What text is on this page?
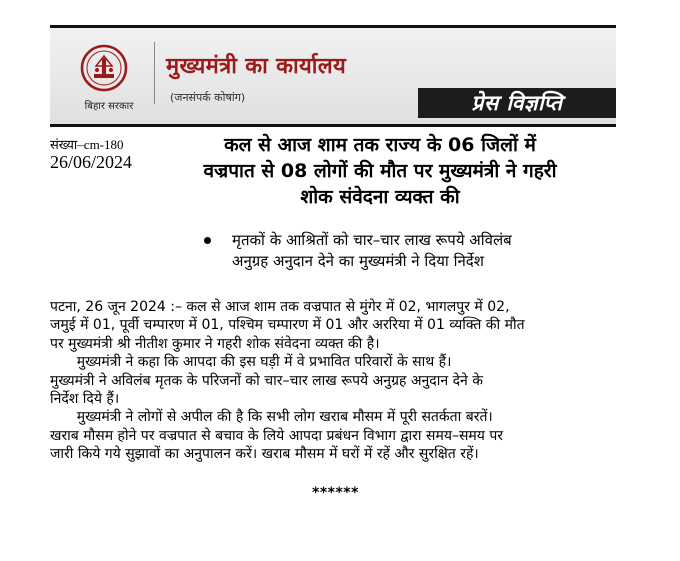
बिहार सरकार
मुख्यमंत्री का कार्यालय
(जनसंपर्क कोषांग)	प्रेस विज्ञप्ति
संख्या–cm-180
26/06/2024
कल से आज शाम तक राज्य के 06 जिलों में
वज्रपात से 08 लोगों की मौत पर मुख्यमंत्री ने गहरी
शोक संवेदना व्यक्त की
मृतकों के आश्रितों को चार–चार लाख रूपये अविलंब
अनुग्रह अनुदान देने का मुख्यमंत्री ने दिया निर्देश
पटना, 26 जून 2024 :– कल से आज शाम तक वज्रपात से मुंगेर में 02, भागलपुर में 02,
जमुई में 01, पूर्वी चम्पारण में 01, पश्चिम चम्पारण में 01 और अररिया में 01 व्यक्ति की मौत
पर मुख्यमंत्री श्री नीतीश कुमार ने गहरी शोक संवेदना व्यक्त की है।
मुख्यमंत्री ने कहा कि आपदा की इस घड़ी में वे प्रभावित परिवारों के साथ हैं।
मुख्यमंत्री ने अविलंब मृतक के परिजनों को चार–चार लाख रूपये अनुग्रह अनुदान देने के
निर्देश दिये हैं।
मुख्यमंत्री ने लोगों से अपील की है कि सभी लोग खराब मौसम में पूरी सतर्कता बरतें।
खराब मौसम होने पर वज्रपात से बचाव के लिये आपदा प्रबंधन विभाग द्वारा समय–समय पर
जारी किये गये सुझावों का अनुपालन करें। खराब मौसम में घरों में रहें और सुरक्षित रहें।
******
